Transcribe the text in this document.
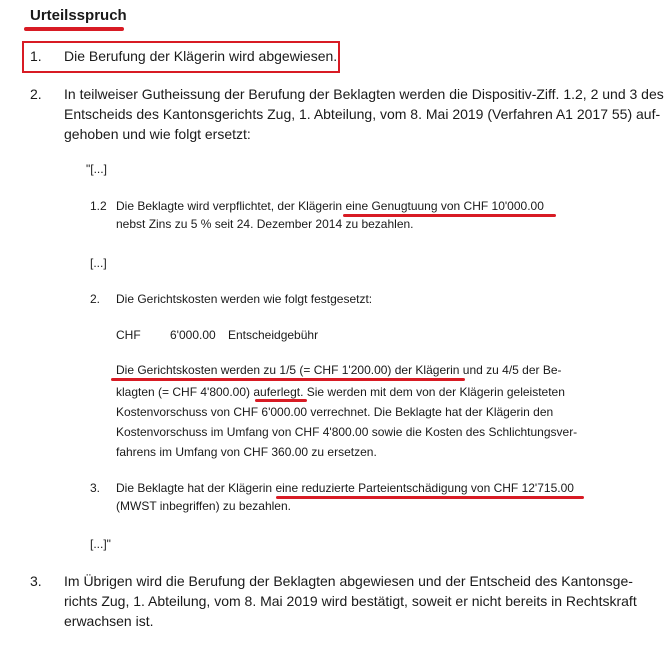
Urteilsspruch
1. Die Berufung der Klägerin wird abgewiesen.
2. In teilweiser Gutheissung der Berufung der Beklagten werden die Dispositiv-Ziff. 1.2, 2 und 3 des
Entscheids des Kantonsgerichts Zug, 1. Abteilung, vom 8. Mai 2019 (Verfahren A1 2017 55) auf-
gehoben und wie folgt ersetzt:
"[...]
1.2 Die Beklagte wird verpflichtet, der Klägerin eine Genugtuung von CHF 10'000.00
nebst Zins zu 5 % seit 24. Dezember 2014 zu bezahlen.
[...]
2. Die Gerichtskosten werden wie folgt festgesetzt:
CHF 6'000.00 Entscheidgebühr
Die Gerichtskosten werden zu 1/5 (= CHF 1'200.00) der Klägerin und zu 4/5 der Be-
klagten (= CHF 4'800.00) auferlegt. Sie werden mit dem von der Klägerin geleisteten
Kostenvorschuss von CHF 6'000.00 verrechnet. Die Beklagte hat der Klägerin den
Kostenvorschuss im Umfang von CHF 4'800.00 sowie die Kosten des Schlichtungsver-
fahrens im Umfang von CHF 360.00 zu ersetzen.
3. Die Beklagte hat der Klägerin eine reduzierte Parteientschädigung von CHF 12'715.00
(MWST inbegriffen) zu bezahlen.
[...]"
3. Im Übrigen wird die Berufung der Beklagten abgewiesen und der Entscheid des Kantonsge-
richts Zug, 1. Abteilung, vom 8. Mai 2019 wird bestätigt, soweit er nicht bereits in Rechtskraft
erwachsen ist.
